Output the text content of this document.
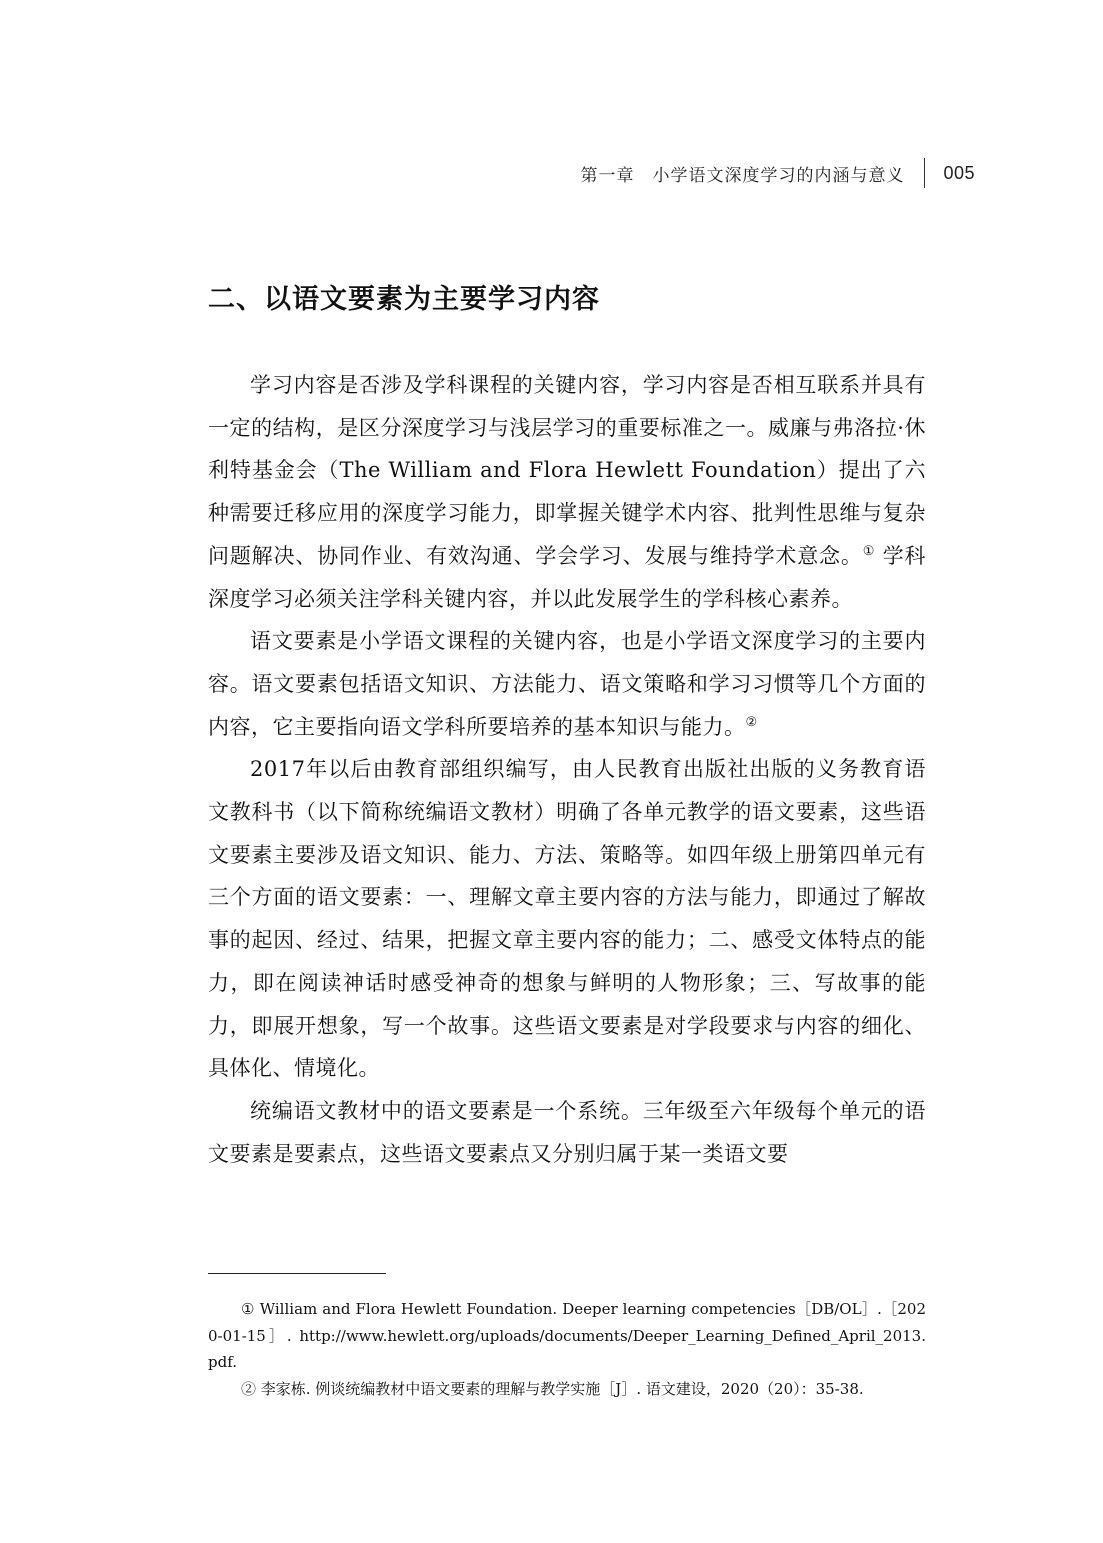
第一章　小学语文深度学习的内涵与意义 005
二、以语文要素为主要学习内容

学习内容是否涉及学科课程的关键内容，学习内容是否相互联系并具有一定的结构，是区分深度学习与浅层学习的重要标准之一。威廉与弗洛拉·休利特基金会（The William and Flora Hewlett Foundation）提出了六种需要迁移应用的深度学习能力，即掌握关键学术内容、批判性思维与复杂问题解决、协同作业、有效沟通、学会学习、发展与维持学术意念。① 学科深度学习必须关注学科关键内容，并以此发展学生的学科核心素养。

语文要素是小学语文课程的关键内容，也是小学语文深度学习的主要内容。语文要素包括语文知识、方法能力、语文策略和学习习惯等几个方面的内容，它主要指向语文学科所要培养的基本知识与能力。②

2017年以后由教育部组织编写，由人民教育出版社出版的义务教育语文教科书（以下简称统编语文教材）明确了各单元教学的语文要素，这些语文要素主要涉及语文知识、能力、方法、策略等。如四年级上册第四单元有三个方面的语文要素：一、理解文章主要内容的方法与能力，即通过了解故事的起因、经过、结果，把握文章主要内容的能力；二、感受文体特点的能力，即在阅读神话时感受神奇的想象与鲜明的人物形象；三、写故事的能力，即展开想象，写一个故事。这些语文要素是对学段要求与内容的细化、具体化、情境化。

统编语文教材中的语文要素是一个系统。三年级至六年级每个单元的语文要素是要素点，这些语文要素点又分别归属于某一类语文要

① William and Flora Hewlett Foundation. Deeper learning competencies［DB/OL］.［2020-01-15］. http://www.hewlett.org/uploads/documents/Deeper_Learning_Defined_April_2013.pdf.

② 李家栋. 例谈统编教材中语文要素的理解与教学实施［J］. 语文建设，2020（20）：35-38.
